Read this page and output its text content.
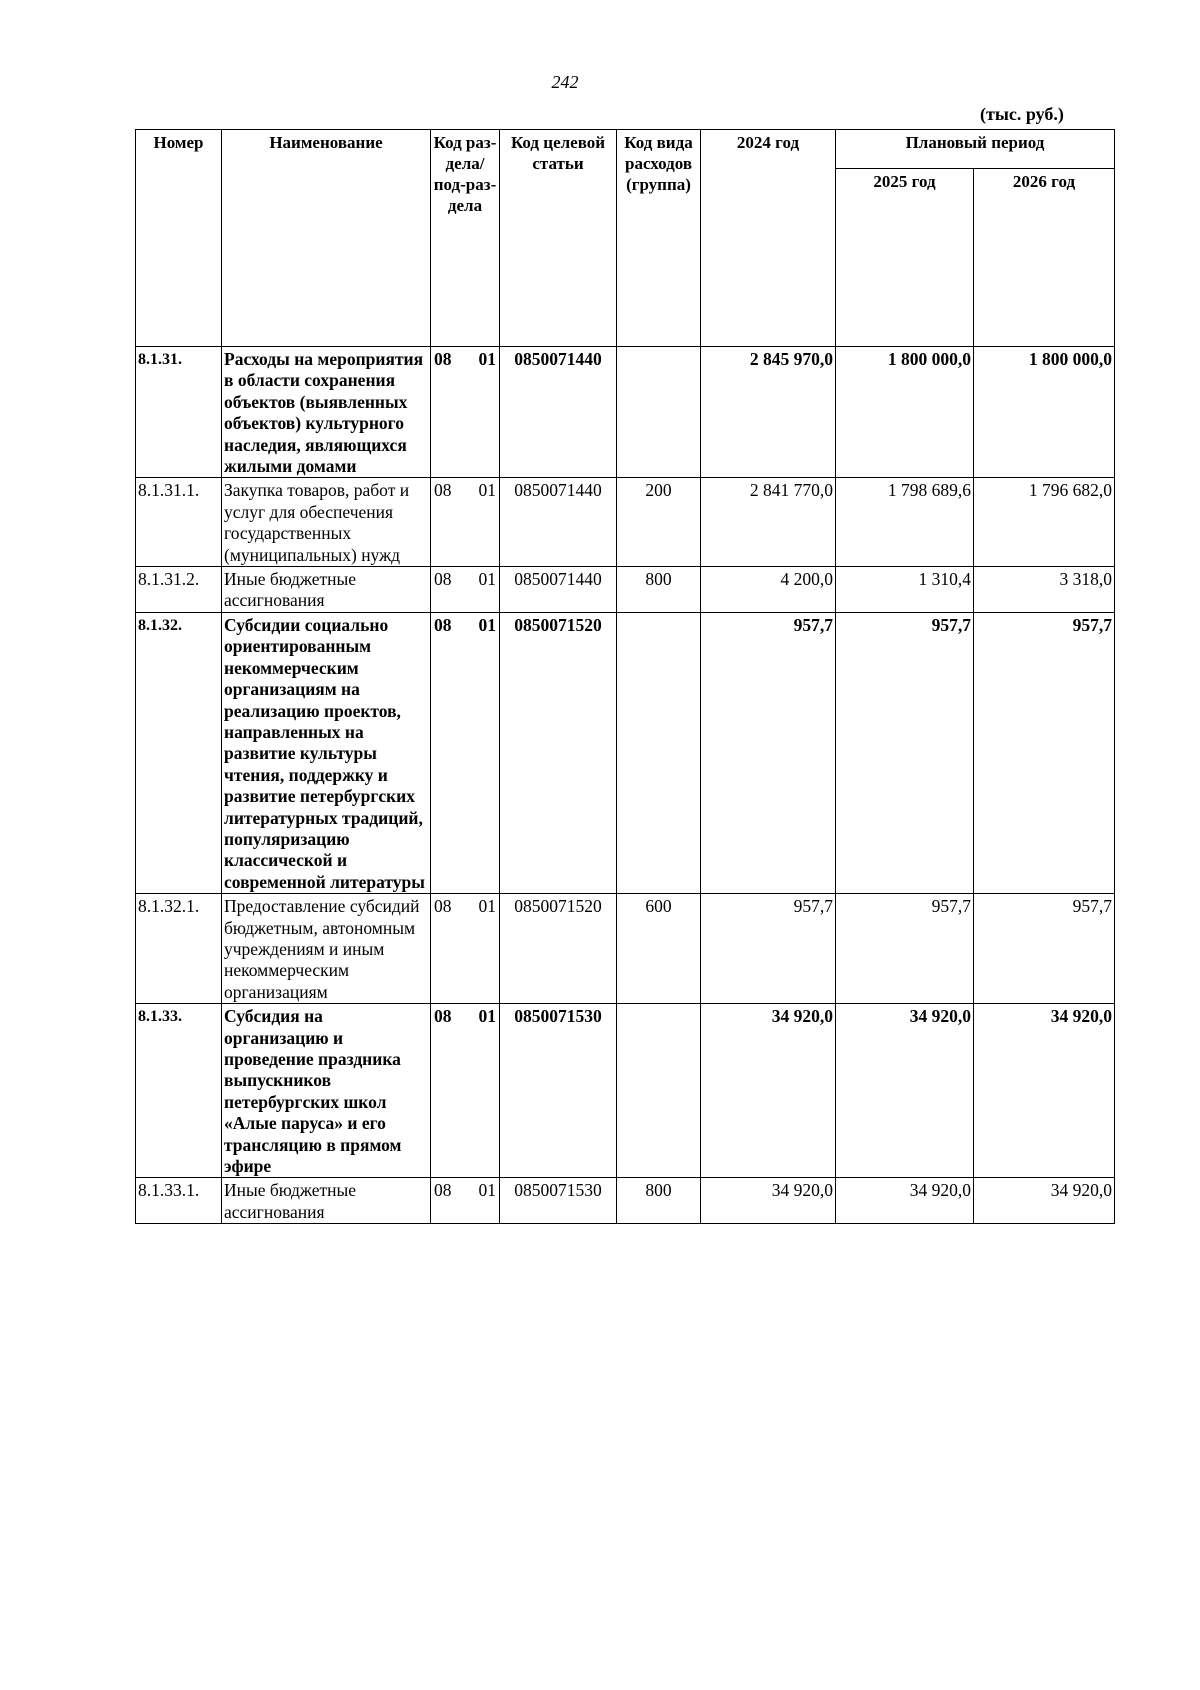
242
(тыс. руб.)
Номер	Наименование	Код раз-дела/ под-раз-дела	Код целевой статьи	Код вида расходов (группа)	2024 год	Плановый период	
						2025 год	2026 год
8.1.31.	Расходы на мероприятия в области сохранения объектов (выявленных объектов) культурного наследия, являющихся жилыми домами	08 01	0850071440		2 845 970,0	1 800 000,0	1 800 000,0
8.1.31.1.	Закупка товаров, работ и услуг для обеспечения государственных (муниципальных) нужд	08 01	0850071440	200	2 841 770,0	1 798 689,6	1 796 682,0
8.1.31.2.	Иные бюджетные ассигнования	08 01	0850071440	800	4 200,0	1 310,4	3 318,0
8.1.32.	Субсидии социально ориентированным некоммерческим организациям на реализацию проектов, направленных на развитие культуры чтения, поддержку и развитие петербургских литературных традиций, популяризацию классической и современной литературы	08 01	0850071520		957,7	957,7	957,7
8.1.32.1.	Предоставление субсидий бюджетным, автономным учреждениям и иным некоммерческим организациям	08 01	0850071520	600	957,7	957,7	957,7
8.1.33.	Субсидия на организацию и проведение праздника выпускников петербургских школ «Алые паруса» и его трансляцию в прямом эфире	08 01	0850071530		34 920,0	34 920,0	34 920,0
8.1.33.1.	Иные бюджетные ассигнования	08 01	0850071530	800	34 920,0	34 920,0	34 920,0
